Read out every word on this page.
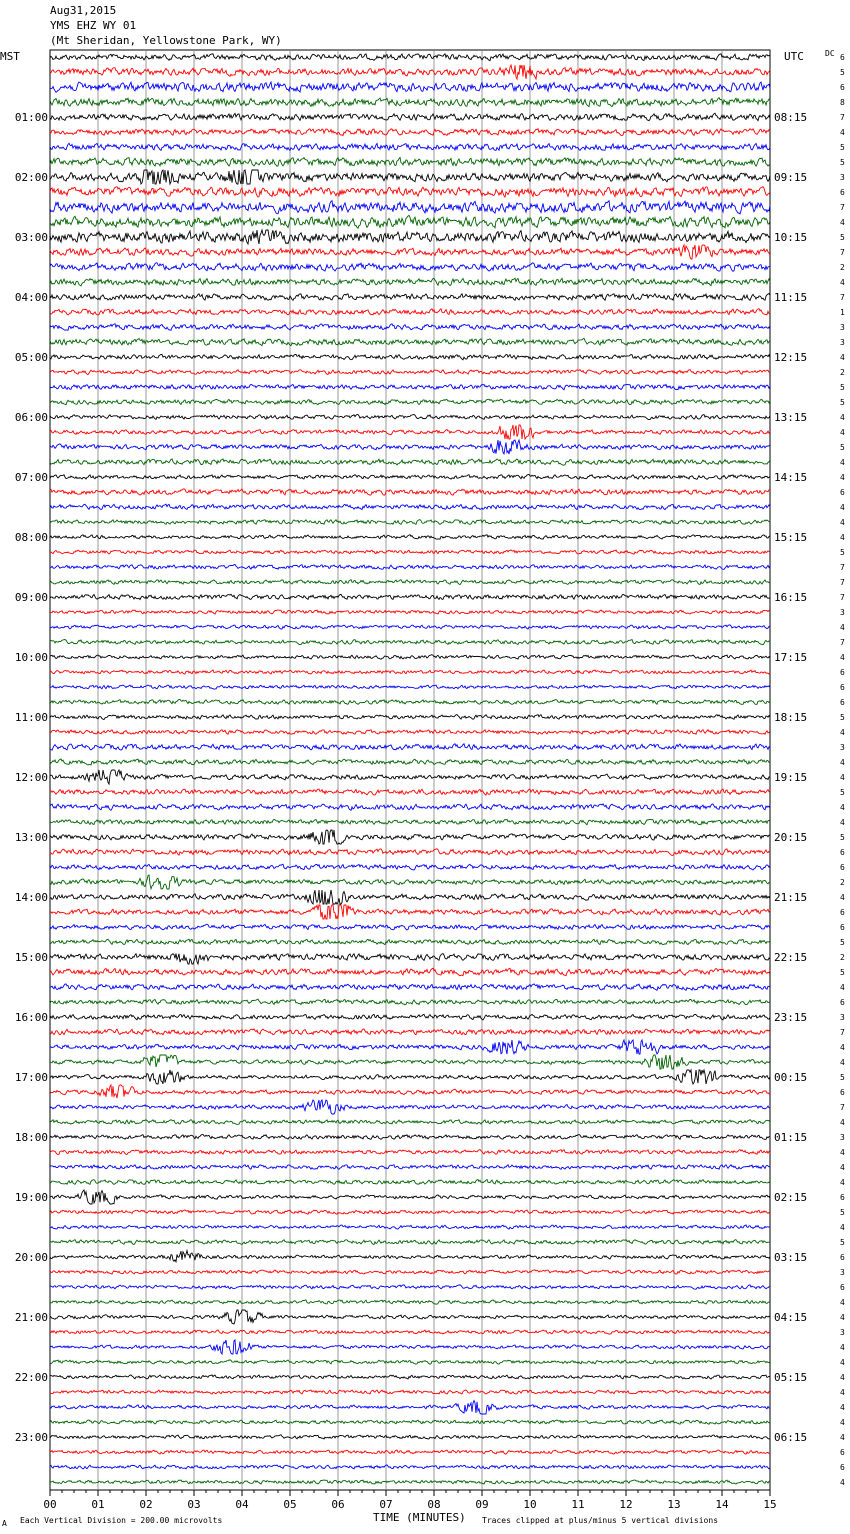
Aug31,2015
YMS EHZ WY 01
(Mt Sheridan, Yellowstone Park, WY)
00	01	02	03	04	05	06	07	08	09	10	11	12	13	14	15
01:00
02:00
03:00
04:00
05:00
06:00
07:00
08:00
09:00
10:00
11:00
12:00
13:00
14:00
15:00
16:00
17:00
18:00
19:00
20:00
21:00
22:00
23:00
08:15
09:15
10:15
11:15
12:15
13:15
14:15
15:15
16:15
17:15
18:15
19:15
20:15
21:15
22:15
23:15
00:15
01:15
02:15
03:15
04:15
05:15
06:15
6
5
6
8
7
4
5
5
3
6
7
4
5
7
2
4
7
1
3
3
4
2
5
5
4
4
5
4
4
6
4
4
4
5
7
7
7
3
4
7
4
6
6
6
5
4
3
4
4
5
4
4
5
6
6
2
4
6
6
5
2
5
4
6
3
7
4
4
5
6
7
4
3
4
4
4
6
5
4
5
6
3
6
4
4
3
4
4
4
4
4
4
4
6
6
4
MST	UTC	DC
TIME (MINUTES)
A Each Vertical Division = 200.00 microvolts	Traces clipped at plus/minus 5 vertical divisions
